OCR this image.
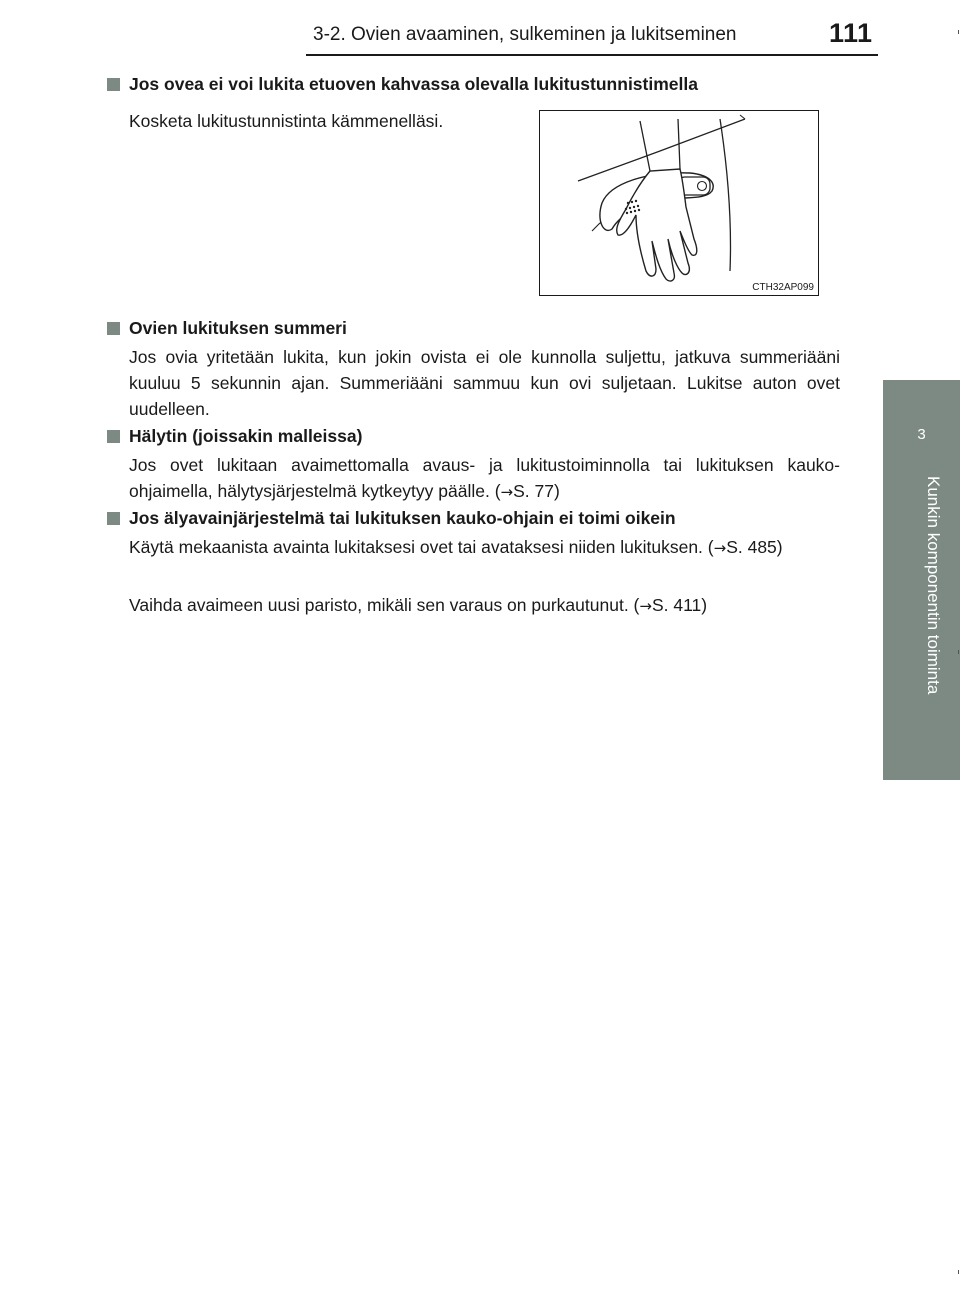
3-2. Ovien avaaminen, sulkeminen ja lukitseminen	111
3
Kunkin komponentin toiminta
Jos ovea ei voi lukita etuoven kahvassa olevalla lukitustunnistimella
Kosketa lukitustunnistinta kämmenelläsi.
CTH32AP099
Ovien lukituksen summeri
Jos ovia yritetään lukita, kun jokin ovista ei ole kunnolla suljettu, jatkuva summeriääni kuuluu 5 sekunnin ajan. Summeriääni sammuu kun ovi suljetaan. Lukitse auton ovet uudelleen.
Hälytin (joissakin malleissa)
Jos ovet lukitaan avaimettomalla avaus- ja lukitustoiminnolla tai lukituksen kauko-ohjaimella, hälytysjärjestelmä kytkeytyy päälle. (→S. 77)
Jos älyavainjärjestelmä tai lukituksen kauko-ohjain ei toimi oikein
Käytä mekaanista avainta lukitaksesi ovet tai avataksesi niiden lukituksen. (→S. 485)
Vaihda avaimeen uusi paristo, mikäli sen varaus on purkautunut. (→S. 411)
